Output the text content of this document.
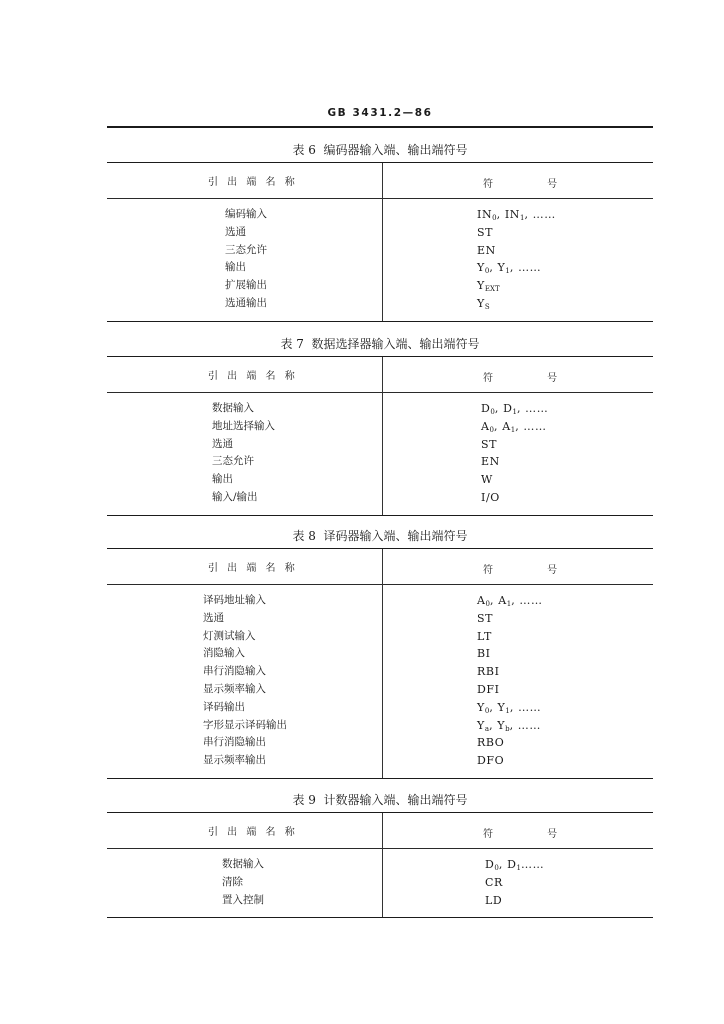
GB 3431.2—86
表 6  编码器输入端、输出端符号
引 出 端 名 称	符 号
编码输入	$IN_0$, $IN_1$, ……
选通	ST
三态允许	EN
输出	$Y_0$, $Y_1$, ……
扩展输出	$Y_{EXT}$
选通输出	$Y_S$
表 7  数据选择器输入端、输出端符号
引 出 端 名 称	符 号
数据输入	$D_0$, $D_1$, ……
地址选择输入	$A_0$, $A_1$, ……
选通	ST
三态允许	EN
输出	W
输入/输出	I/O
表 8  译码器输入端、输出端符号
引 出 端 名 称	符 号
译码地址输入	$A_0$, $A_1$, ……
选通	ST
灯测试输入	LT
消隐输入	BI
串行消隐输入	RBI
显示频率输入	DFI
译码输出	$Y_0$, $Y_1$, ……
字形显示译码输出	$Y_a$, $Y_b$, ……
串行消隐输出	RBO
显示频率输出	DFO
表 9  计数器输入端、输出端符号
引 出 端 名 称	符 号
数据输入	$D_0$, $D_1\dots\dots$
清除	CR
置入控制	LD
